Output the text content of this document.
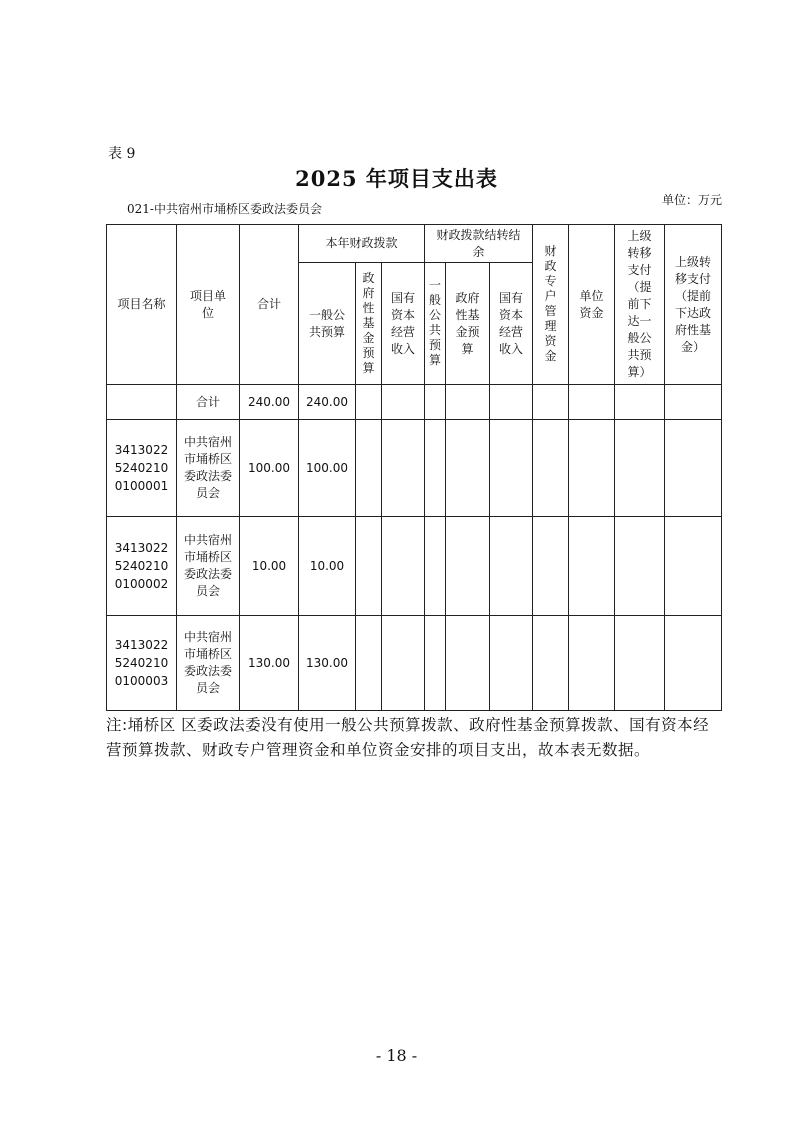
表 9
2025 年项目支出表
021-中共宿州市埇桥区委政法委员会
单位：万元
项目名称	项目单位	合计	本年财政拨款			财政拨款结转结余			财政专户管理资金	单位资金	上级转移支付（提前下达一般公共预算）	上级转移支付（提前下达政府性基金）
			一般公共预算	政府性基金预算	国有资本经营收入	一般公共预算	政府性基金预算	国有资本经营收入				
	合计	240.00	240.00									
341302252402100100001	中共宿州市埇桥区委政法委员会	100.00	100.00									
341302252402100100002	中共宿州市埇桥区委政法委员会	10.00	10.00									
341302252402100100003	中共宿州市埇桥区委政法委员会	130.00	130.00									
注:埇桥区 区委政法委没有使用一般公共预算拨款、政府性基金预算拨款、国有资本经营预算拨款、财政专户管理资金和单位资金安排的项目支出，故本表无数据。
- 18 -
